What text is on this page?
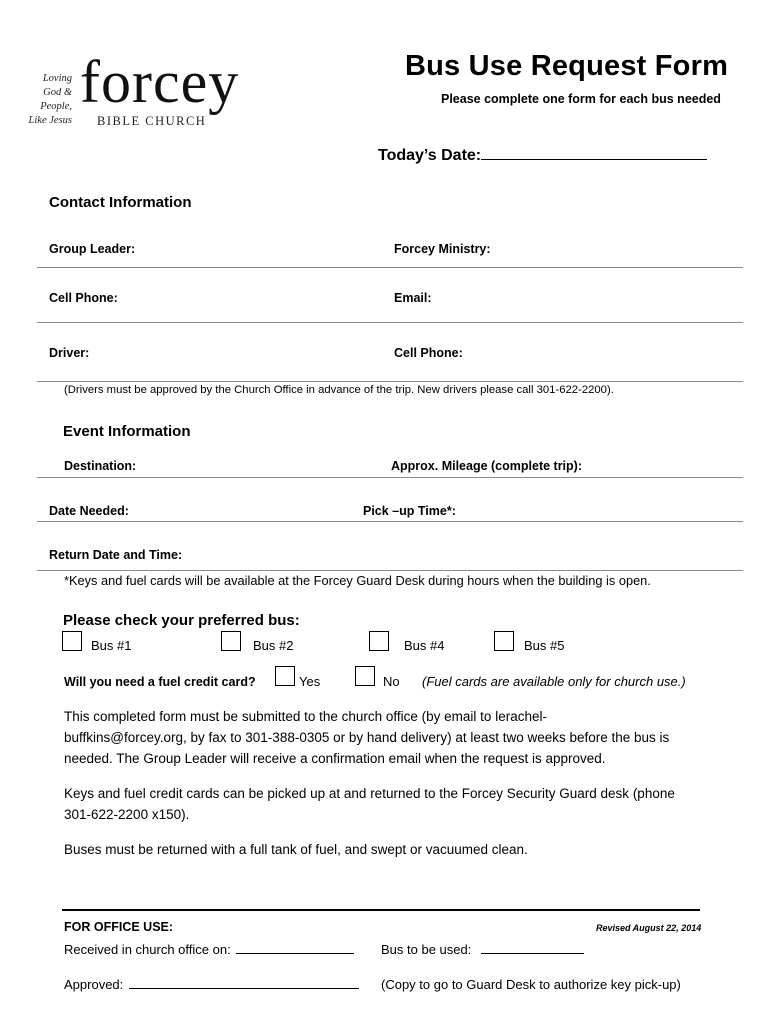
Loving
God &
People,
Like Jesus
forcey
BIBLE CHURCH
Bus Use Request Form
Please complete one form for each bus needed
Today’s Date:
Contact Information
Group Leader:	Forcey Ministry:
Cell Phone:	Email:
Driver:	Cell Phone:
(Drivers must be approved by the Church Office in advance of the trip. New drivers please call 301-622-2200).
Event Information
Destination:	Approx. Mileage (complete trip):
Date Needed:	Pick –up Time*:
Return Date and Time:
*Keys and fuel cards will be available at the Forcey Guard Desk during hours when the building is open.
Please check your preferred bus:
Bus #1	Bus #2	Bus #4	Bus #5
Will you need a fuel credit card?	Yes	No (Fuel cards are available only for church use.)
This completed form must be submitted to the church office (by email to lerachel-
buffkins@forcey.org, by fax to 301-388-0305 or by hand delivery) at least two weeks before the bus is
needed. The Group Leader will receive a confirmation email when the request is approved.
Keys and fuel credit cards can be picked up at and returned to the Forcey Security Guard desk (phone
301-622-2200 x150).
Buses must be returned with a full tank of fuel, and swept or vacuumed clean.
FOR OFFICE USE:	Revised August 22, 2014
Received in church office on:	Bus to be used:
Approved:	(Copy to go to Guard Desk to authorize key pick-up)
